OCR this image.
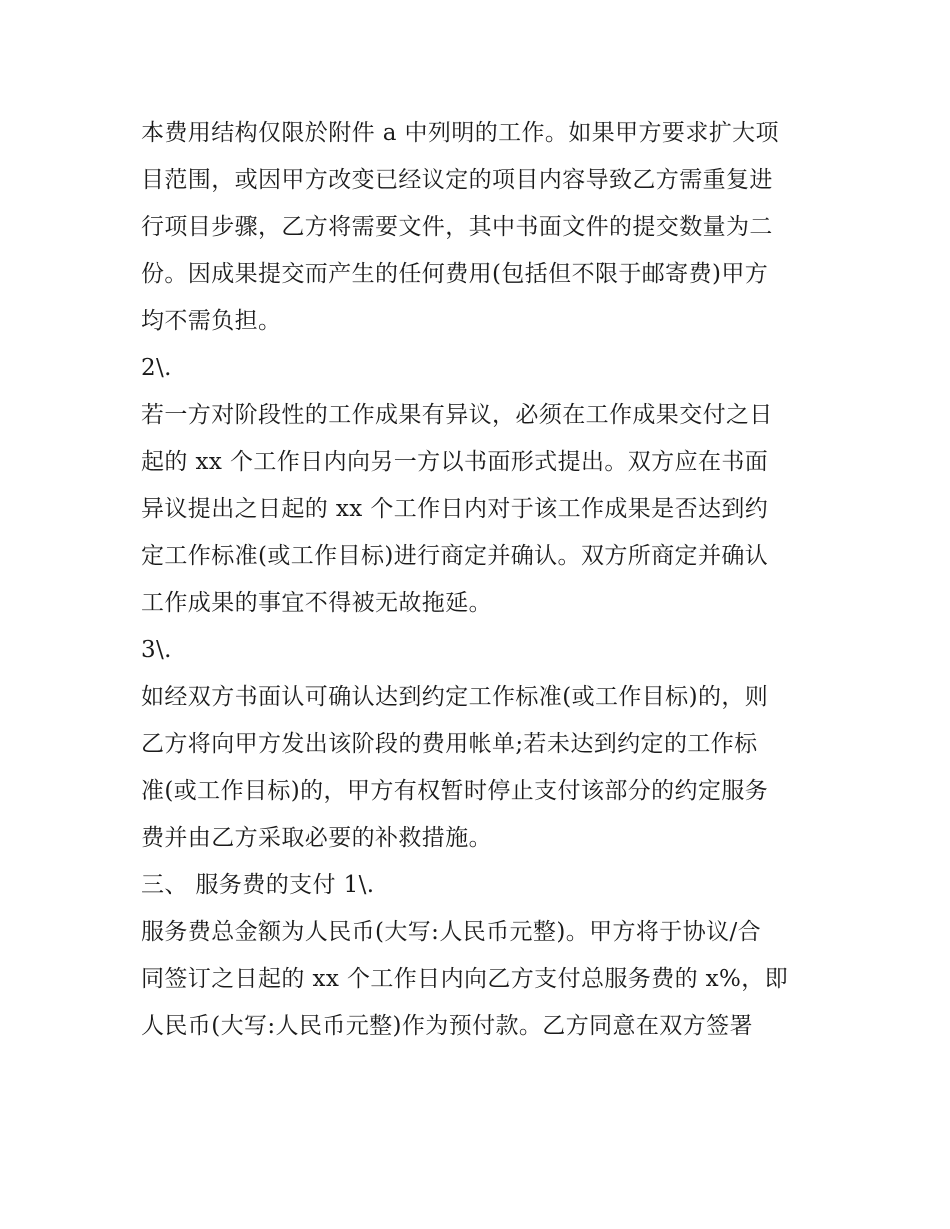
本费用结构仅限於附件 a 中列明的工作。如果甲方要求扩大项
目范围，或因甲方改变已经议定的项目内容导致乙方需重复进
行项目步骤，乙方将需要文件，其中书面文件的提交数量为二
份。因成果提交而产生的任何费用(包括但不限于邮寄费)甲方
均不需负担。
2\.
若一方对阶段性的工作成果有异议，必须在工作成果交付之日
起的 xx 个工作日内向另一方以书面形式提出。双方应在书面
异议提出之日起的 xx 个工作日内对于该工作成果是否达到约
定工作标准(或工作目标)进行商定并确认。双方所商定并确认
工作成果的事宜不得被无故拖延。
3\.
如经双方书面认可确认达到约定工作标准(或工作目标)的，则
乙方将向甲方发出该阶段的费用帐单;若未达到约定的工作标
准(或工作目标)的，甲方有权暂时停止支付该部分的约定服务
费并由乙方采取必要的补救措施。
三、 服务费的支付 1\.
服务费总金额为人民币(大写:人民币元整)。甲方将于协议/合
同签订之日起的 xx 个工作日内向乙方支付总服务费的 x%，即
人民币(大写:人民币元整)作为预付款。乙方同意在双方签署
